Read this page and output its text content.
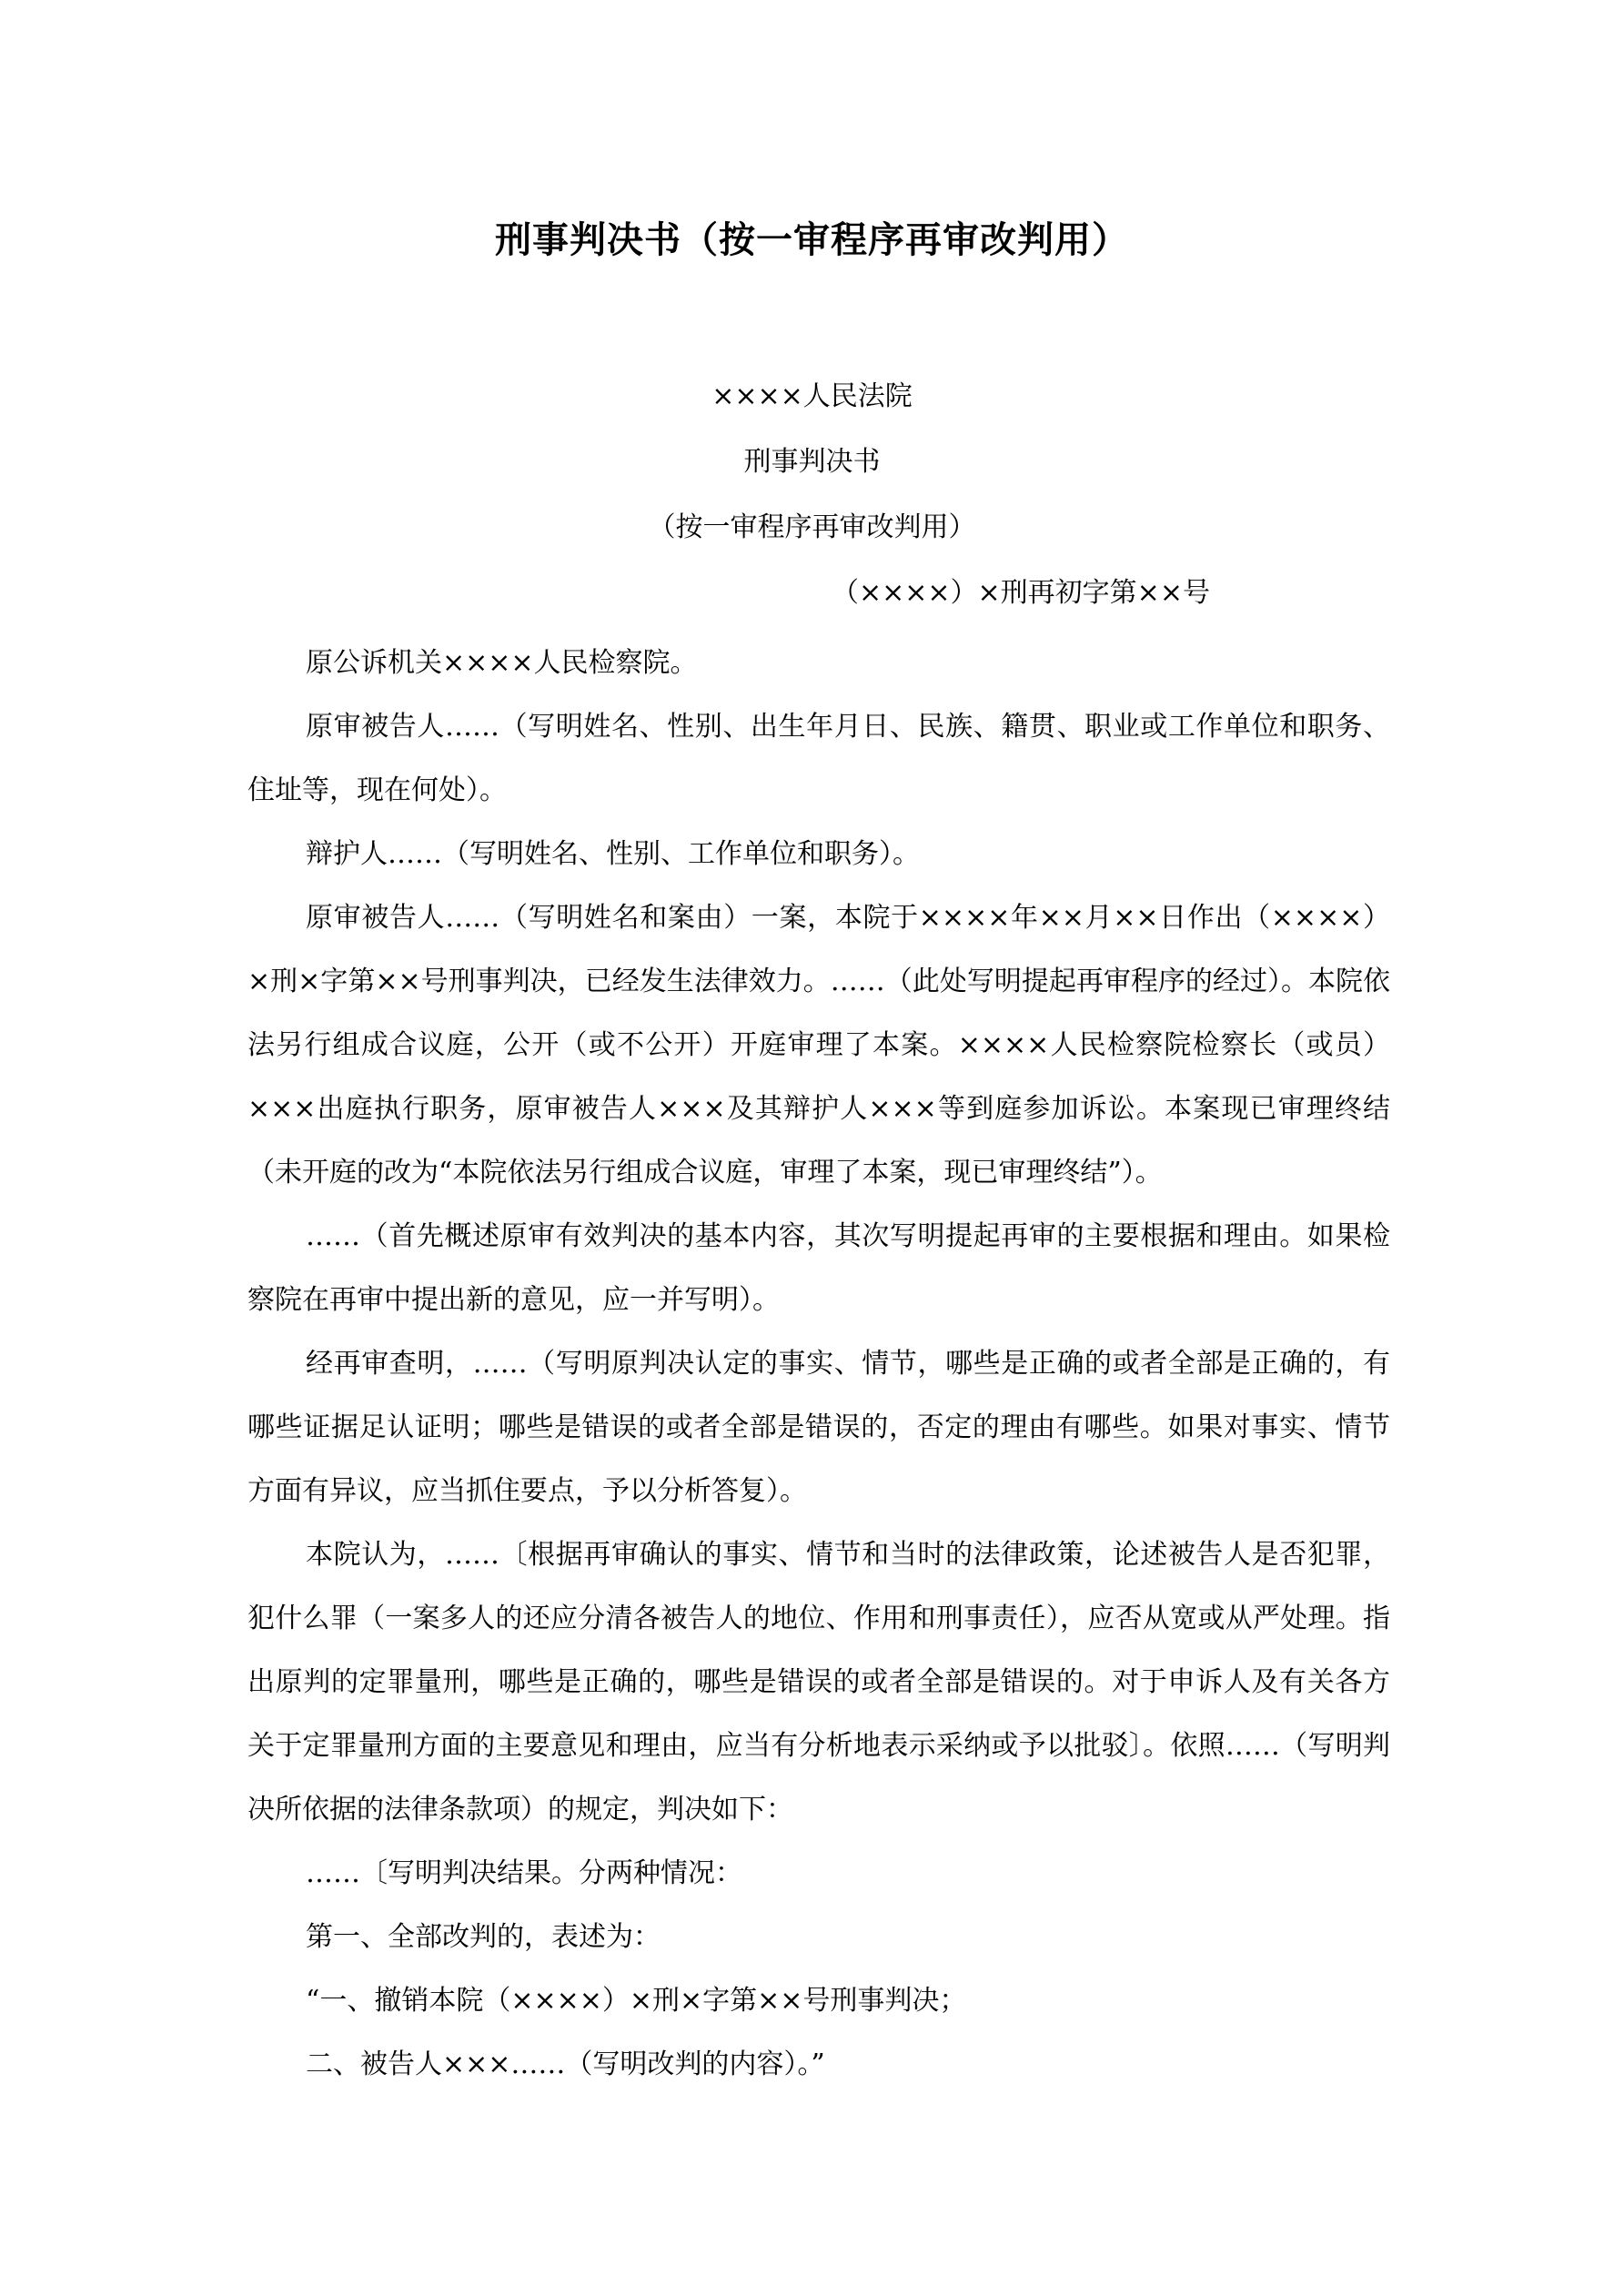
刑事判决书（按一审程序再审改判用）
××××人民法院
刑事判决书
（按一审程序再审改判用）
（××××）×刑再初字第××号

原公诉机关××××人民检察院。

原审被告人……（写明姓名、性别、出生年月日、民族、籍贯、职业或工作单位和职务、住址等，现在何处）。

辩护人……（写明姓名、性别、工作单位和职务）。

原审被告人……（写明姓名和案由）一案，本院于××××年××月××日作出（××××）×刑×字第××号刑事判决，已经发生法律效力。……（此处写明提起再审程序的经过）。本院依法另行组成合议庭，公开（或不公开）开庭审理了本案。××××人民检察院检察长（或员）×××出庭执行职务，原审被告人×××及其辩护人×××等到庭参加诉讼。本案现已审理终结（未开庭的改为“本院依法另行组成合议庭，审理了本案，现已审理终结”）。

……（首先概述原审有效判决的基本内容，其次写明提起再审的主要根据和理由。如果检察院在再审中提出新的意见，应一并写明）。

经再审查明，……（写明原判决认定的事实、情节，哪些是正确的或者全部是正确的，有哪些证据足认证明；哪些是错误的或者全部是错误的，否定的理由有哪些。如果对事实、情节方面有异议，应当抓住要点，予以分析答复）。

本院认为，……〔根据再审确认的事实、情节和当时的法律政策，论述被告人是否犯罪，犯什么罪（一案多人的还应分清各被告人的地位、作用和刑事责任），应否从宽或从严处理。指出原判的定罪量刑，哪些是正确的，哪些是错误的或者全部是错误的。对于申诉人及有关各方关于定罪量刑方面的主要意见和理由，应当有分析地表示采纳或予以批驳〕。依照……（写明判决所依据的法律条款项）的规定，判决如下：

……〔写明判决结果。分两种情况：

第一、全部改判的，表述为：

“一、撤销本院（××××）×刑×字第××号刑事判决；

二、被告人×××……（写明改判的内容）。”
